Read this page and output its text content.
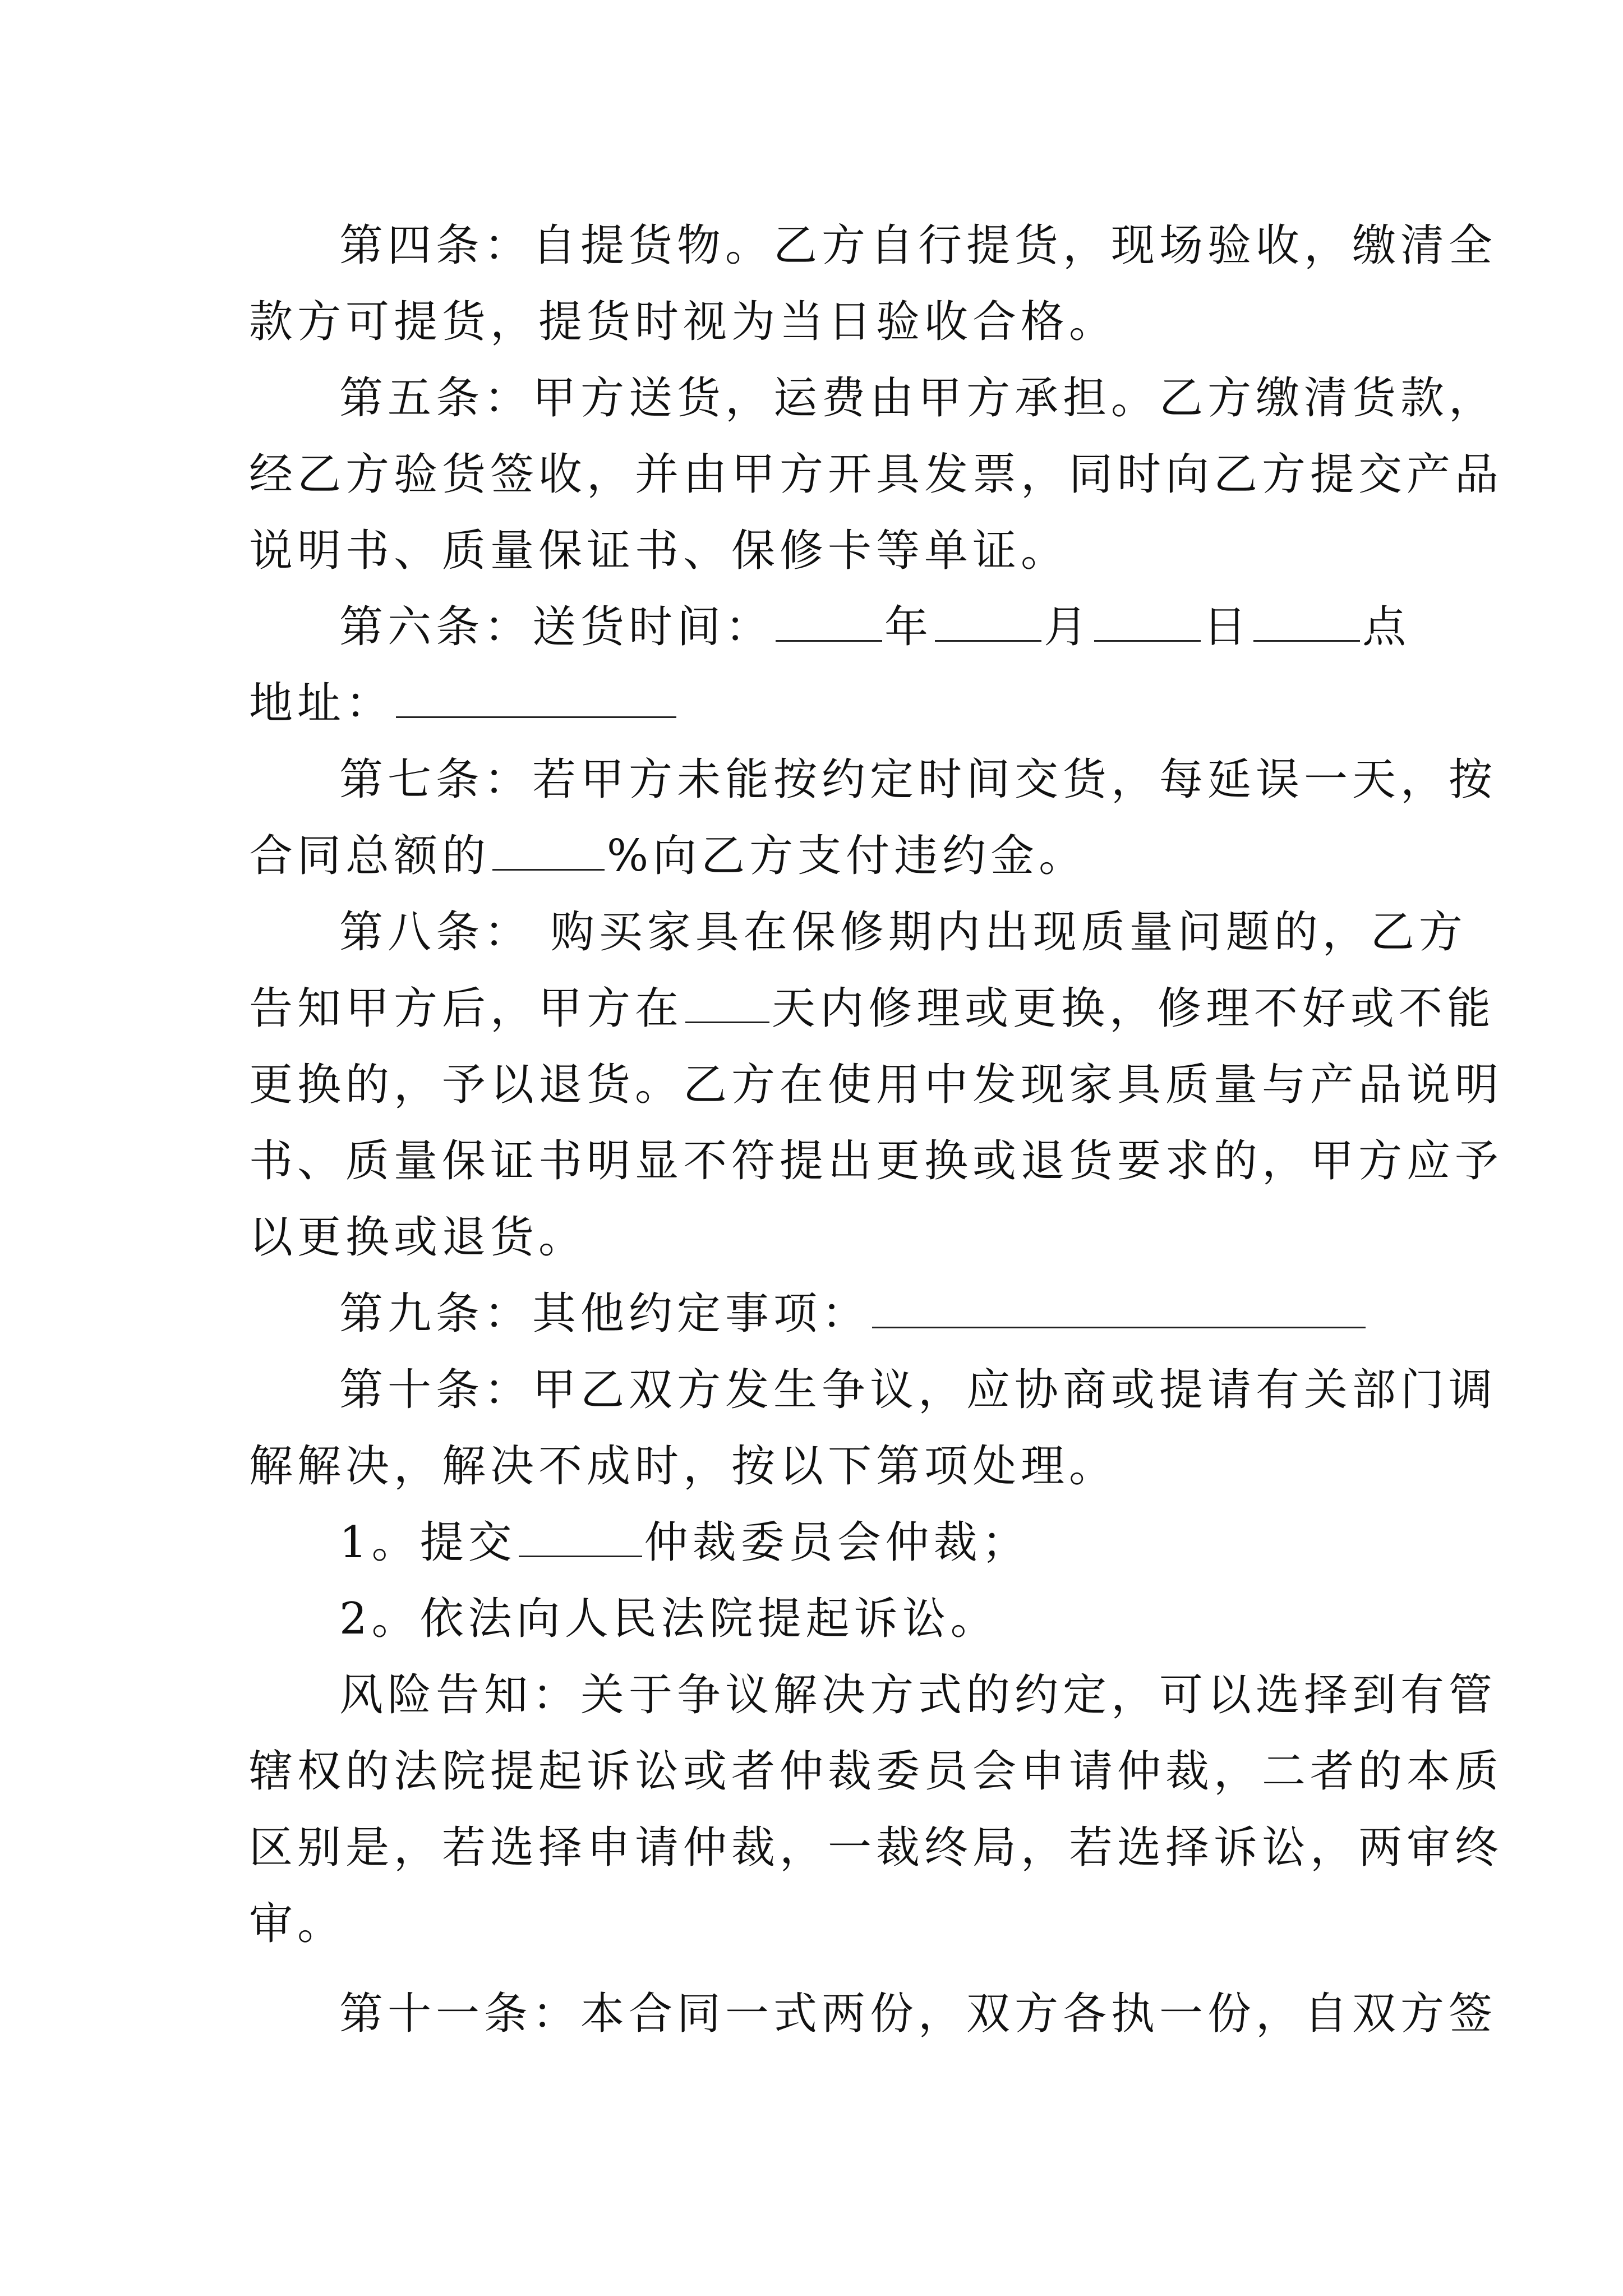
第四条：自提货物。乙方自行提货，现场验收，缴清全
款方可提货，提货时视为当日验收合格。
第五条：甲方送货，运费由甲方承担。乙方缴清货款，
经乙方验货签收，并由甲方开具发票，同时向乙方提交产品
说明书、质量保证书、保修卡等单证。
第六条：送货时间：	年	月	日	点
地址：
第七条：若甲方未能按约定时间交货，每延误一天，按
合同总额的	%向乙方支付违约金。
第八条： 购买家具在保修期内出现质量问题的，乙方
告知甲方后，甲方在 天内修理或更换，修理不好或不能
更换的，予以退货。乙方在使用中发现家具质量与产品说明
书、质量保证书明显不符提出更换或退货要求的，甲方应予
以更换或退货。
第九条：其他约定事项：
第十条：甲乙双方发生争议，应协商或提请有关部门调
解解决，解决不成时，按以下第项处理。
1。提交	仲裁委员会仲裁；
2。依法向人民法院提起诉讼。
风险告知：关于争议解决方式的约定，可以选择到有管
辖权的法院提起诉讼或者仲裁委员会申请仲裁，二者的本质
区别是，若选择申请仲裁，一裁终局，若选择诉讼，两审终
审。
第十一条：本合同一式两份，双方各执一份，自双方签
